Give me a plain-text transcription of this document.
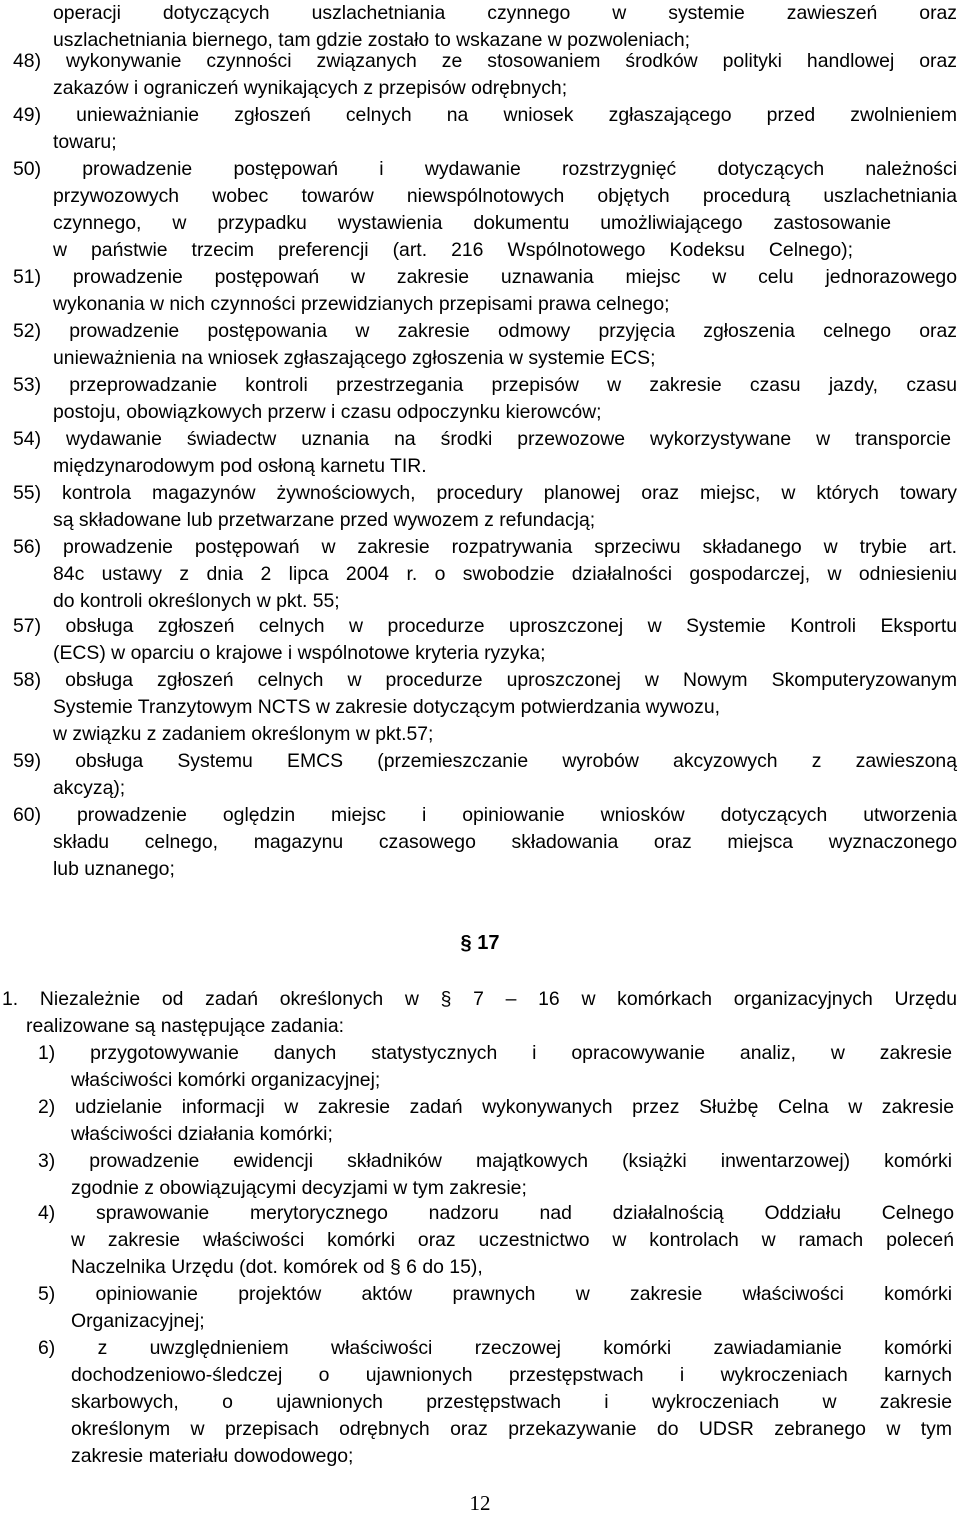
operacji dotyczących uszlachetniania czynnego w systemie zawieszeń oraz
uszlachetniania biernego, tam gdzie zostało to wskazane w pozwoleniach;
48) wykonywanie czynności związanych ze stosowaniem środków polityki handlowej oraz
zakazów i ograniczeń wynikających z przepisów odrębnych;
49) unieważnianie zgłoszeń celnych na wniosek zgłaszającego przed zwolnieniem
towaru;
50) prowadzenie postępowań i wydawanie rozstrzygnięć dotyczących należności
przywozowych wobec towarów niewspólnotowych objętych procedurą uszlachetniania
czynnego, w przypadku wystawienia dokumentu umożliwiającego zastosowanie
w państwie trzecim preferencji (art. 216 Wspólnotowego Kodeksu Celnego);
51) prowadzenie postępowań w zakresie uznawania miejsc w celu jednorazowego
wykonania w nich czynności przewidzianych przepisami prawa celnego;
52) prowadzenie postępowania w zakresie odmowy przyjęcia zgłoszenia celnego oraz
unieważnienia na wniosek zgłaszającego zgłoszenia w systemie ECS;
53) przeprowadzanie kontroli przestrzegania przepisów w zakresie czasu jazdy, czasu
postoju, obowiązkowych przerw i czasu odpoczynku kierowców;
54) wydawanie świadectw uznania na środki przewozowe wykorzystywane w transporcie
międzynarodowym pod osłoną karnetu TIR.
55) kontrola magazynów żywnościowych, procedury planowej oraz miejsc, w których towary
są składowane lub przetwarzane przed wywozem z refundacją;
56) prowadzenie postępowań w zakresie rozpatrywania sprzeciwu składanego w trybie art.
84c ustawy z dnia 2 lipca 2004 r. o swobodzie działalności gospodarczej, w odniesieniu
do kontroli określonych w pkt. 55;
57) obsługa zgłoszeń celnych w procedurze uproszczonej w Systemie Kontroli Eksportu
(ECS) w oparciu o krajowe i wspólnotowe kryteria ryzyka;
58) obsługa zgłoszeń celnych w procedurze uproszczonej w Nowym Skomputeryzowanym
Systemie Tranzytowym NCTS w zakresie dotyczącym potwierdzania wywozu,
w związku z zadaniem określonym w pkt.57;
59) obsługa Systemu EMCS (przemieszczanie wyrobów akcyzowych z zawieszoną
akcyzą);
60) prowadzenie oględzin miejsc i opiniowanie wniosków dotyczących utworzenia
składu celnego, magazynu czasowego składowania oraz miejsca wyznaczonego
lub uznanego;
§ 17
1. Niezależnie od zadań określonych w § 7 – 16 w komórkach organizacyjnych Urzędu
realizowane są następujące zadania:
1) przygotowywanie danych statystycznych i opracowywanie analiz, w zakresie
właściwości komórki organizacyjnej;
2) udzielanie informacji w zakresie zadań wykonywanych przez Służbę Celna w zakresie
właściwości działania komórki;
3) prowadzenie ewidencji składników majątkowych (książki inwentarzowej) komórki
zgodnie z obowiązującymi decyzjami w tym zakresie;
4) sprawowanie merytorycznego nadzoru nad działalnością Oddziału Celnego
w zakresie właściwości komórki oraz uczestnictwo w kontrolach w ramach poleceń
Naczelnika Urzędu (dot. komórek od § 6 do 15),
5) opiniowanie projektów aktów prawnych w zakresie właściwości komórki
Organizacyjnej;
6) z uwzględnieniem właściwości rzeczowej komórki zawiadamianie komórki
dochodzeniowo-śledczej o ujawnionych przestępstwach i wykroczeniach karnych
skarbowych, o ujawnionych przestępstwach i wykroczeniach w zakresie
określonym w przepisach odrębnych oraz przekazywanie do UDSR zebranego w tym
zakresie materiału dowodowego;
12
